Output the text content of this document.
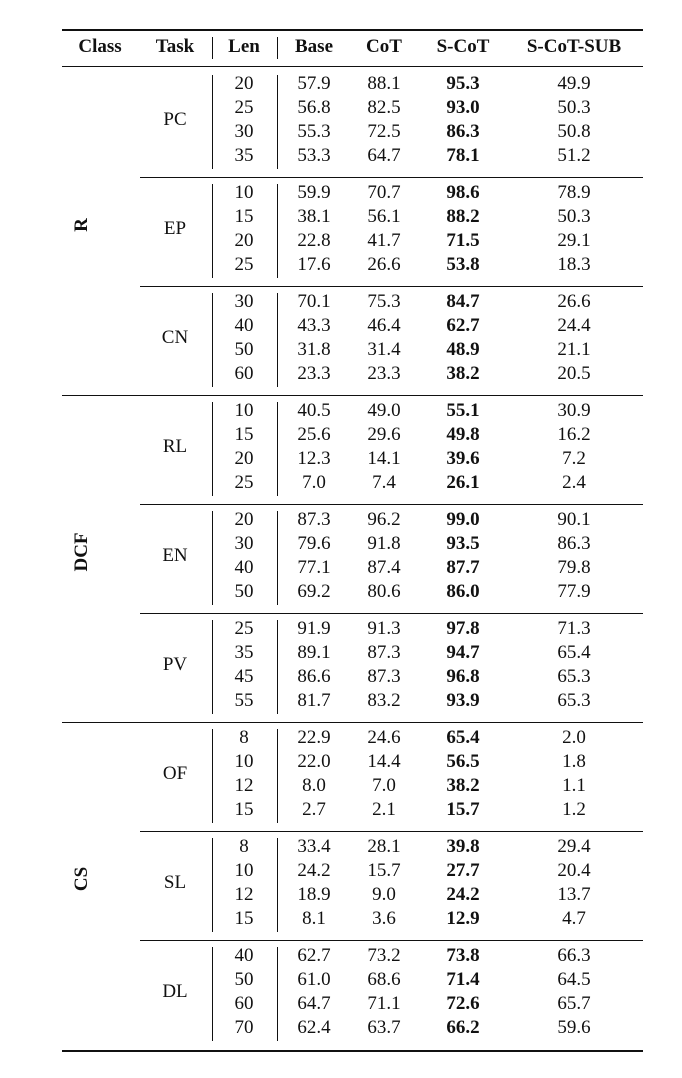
Class	Task	Len	Base	CoT	S-CoT	S-CoT-SUB
R
PC
20	57.9	88.1	95.3	49.9
25	56.8	82.5	93.0	50.3
30	55.3	72.5	86.3	50.8
35	53.3	64.7	78.1	51.2
EP
10	59.9	70.7	98.6	78.9
15	38.1	56.1	88.2	50.3
20	22.8	41.7	71.5	29.1
25	17.6	26.6	53.8	18.3
CN
30	70.1	75.3	84.7	26.6
40	43.3	46.4	62.7	24.4
50	31.8	31.4	48.9	21.1
60	23.3	23.3	38.2	20.5
DCF
RL
10	40.5	49.0	55.1	30.9
15	25.6	29.6	49.8	16.2
20	12.3	14.1	39.6	7.2
25	7.0	7.4	26.1	2.4
EN
20	87.3	96.2	99.0	90.1
30	79.6	91.8	93.5	86.3
40	77.1	87.4	87.7	79.8
50	69.2	80.6	86.0	77.9
PV
25	91.9	91.3	97.8	71.3
35	89.1	87.3	94.7	65.4
45	86.6	87.3	96.8	65.3
55	81.7	83.2	93.9	65.3
CS
OF
8	22.9	24.6	65.4	2.0
10	22.0	14.4	56.5	1.8
12	8.0	7.0	38.2	1.1
15	2.7	2.1	15.7	1.2
SL
8	33.4	28.1	39.8	29.4
10	24.2	15.7	27.7	20.4
12	18.9	9.0	24.2	13.7
15	8.1	3.6	12.9	4.7
DL
40	62.7	73.2	73.8	66.3
50	61.0	68.6	71.4	64.5
60	64.7	71.1	72.6	65.7
70	62.4	63.7	66.2	59.6
